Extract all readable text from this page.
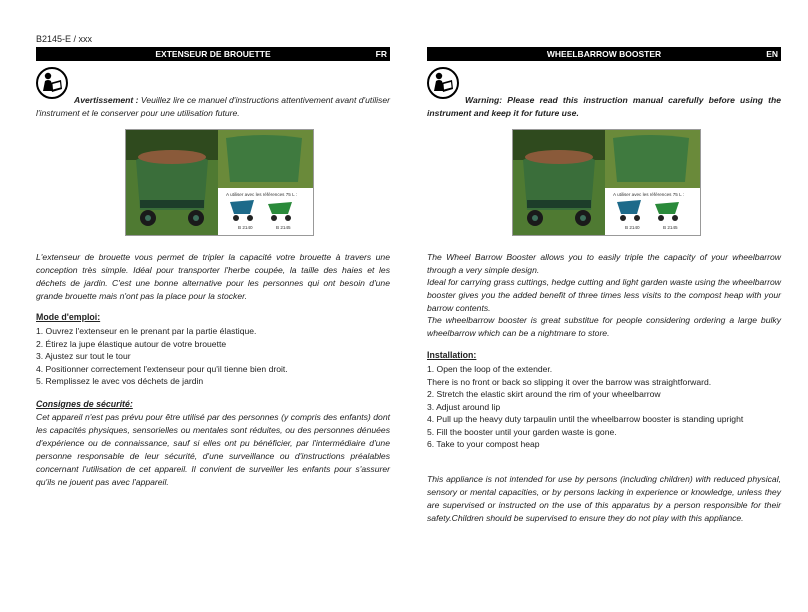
B2145-E / xxx
EXTENSEUR DE BROUETTE	FR
Avertissement : Veuillez lire ce manuel d'instructions attentivement avant d'utiliser l'instrument et le conserver pour une utilisation future.
A utiliser avec les références 75 L :
B 2140	B 2145
L'extenseur de brouette vous permet de tripler la capacité votre brouette à travers une conception très simple. Idéal pour transporter l'herbe coupée, la taille des haies et les déchets de jardin. C'est une bonne alternative pour les personnes qui ont besoin d'une grande brouette mais n'ont pas la place pour la stocker.
Mode d'emploi:
1. Ouvrez l'extenseur en le prenant par la partie élastique.
2. Étirez la jupe élastique autour de votre brouette
3. Ajustez sur tout le tour
4. Positionner correctement l'extenseur pour qu'il tienne bien droit.
5. Remplissez le avec vos déchets de jardin
Consignes de sécurité:
Cet appareil n'est pas prévu pour être utilisé par des personnes (y compris des enfants) dont les capacités physiques, sensorielles ou mentales sont réduites, ou des personnes dénuées d'expérience ou de connaissance, sauf si elles ont pu bénéficier, par l'intermédiaire d'une personne responsable de leur sécurité, d'une surveillance ou d'instructions préalables concernant l'utilisation de cet appareil. Il convient de surveiller les enfants pour s'assurer qu'ils ne jouent pas avec l'appareil.
WHEELBARROW BOOSTER	EN
Warning: Please read this instruction manual carefully before using the instrument and keep it for future use.
A utiliser avec les références 75 L :
B 2140	B 2145
The Wheel Barrow Booster allows you to easily triple the capacity of your wheelbarrow through a very simple design.
Ideal for carrying grass cuttings, hedge cutting and light garden waste using the wheelbarrow booster gives you the added benefit of three times less visits to the compost heap with your barrow contents.
The wheelbarrow booster is great substitue for people considering ordering a large bulky wheelbarrow which can be a nightmare to store.
Installation:
1. Open the loop of the extender.
There is no front or back so slipping it over the barrow was straightforward.
2. Stretch the elastic skirt around the rim of your wheelbarrow
3. Adjust around lip
4. Pull up the heavy duty tarpaulin until the wheelbarrow booster is standing upright
5. Fill the booster until your garden waste is gone.
6. Take to your compost heap
This appliance is not intended for use by persons (including children) with reduced physical, sensory or mental capacities, or by persons lacking in experience or knowledge, unless they are supervised or instructed on the use of this apparatus by a person responsible for their safety.Children should be supervised to ensure they do not play with this appliance.
